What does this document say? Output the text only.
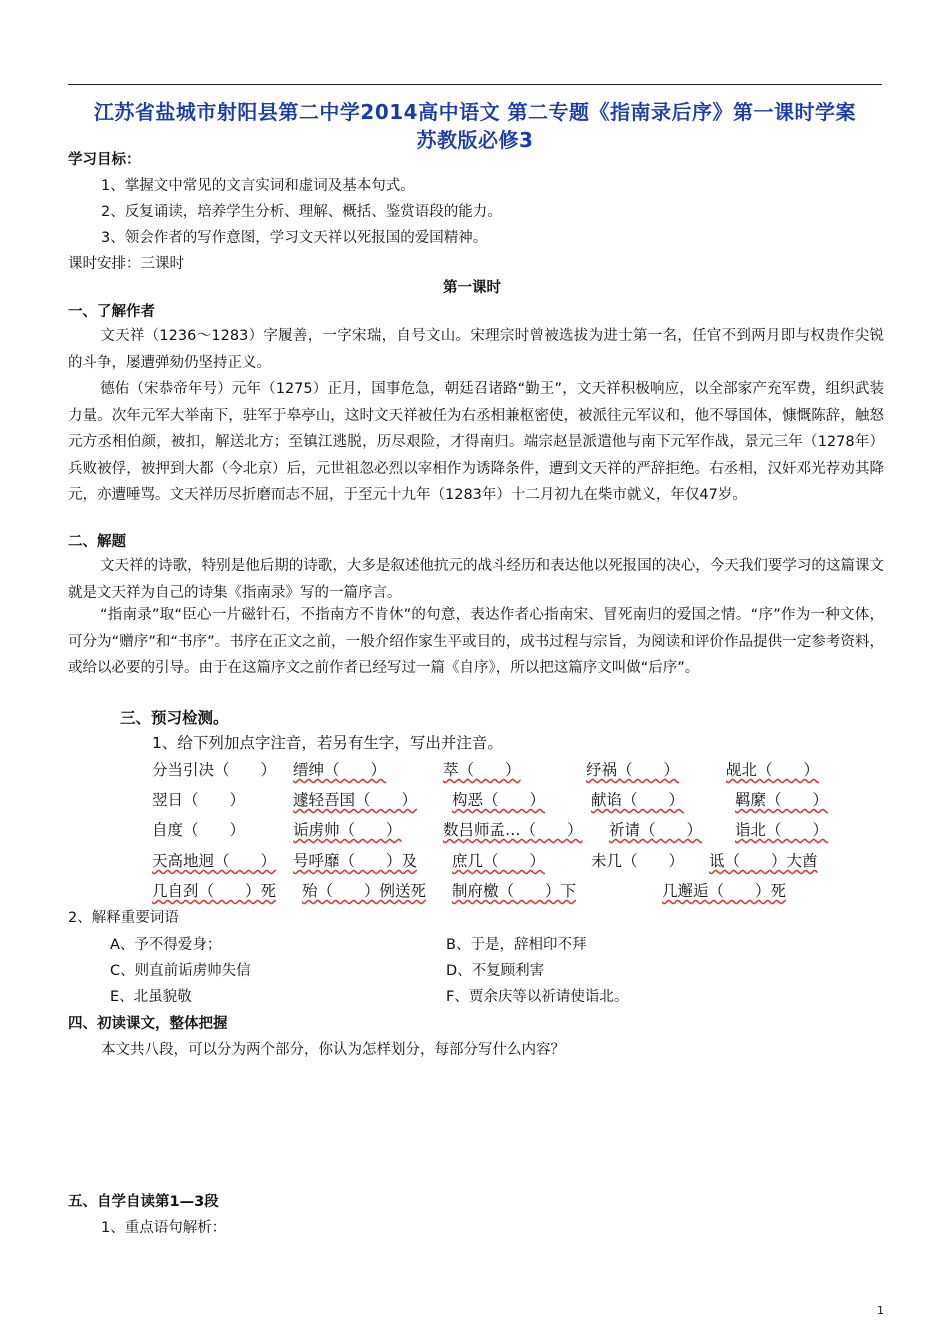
江苏省盐城市射阳县第二中学2014高中语文 第二专题《指南录后序》第一课时学案
苏教版必修3
学习目标：
1、掌握文中常见的文言实词和虚词及基本句式。
2、反复诵读，培养学生分析、理解、概括、鉴赏语段的能力。
3、领会作者的写作意图，学习文天祥以死报国的爱国精神。
课时安排：三课时
第一课时
一、了解作者
文天祥（1236～1283）字履善，一字宋瑞，自号文山。宋理宗时曾被选拔为进士第一名，任官不到两月即与权贵作尖锐的斗争，屡遭弹劾仍坚持正义。
德佑（宋恭帝年号）元年（1275）正月，国事危急，朝廷召诸路“勤王”，文天祥积极响应，以全部家产充军费，组织武装力量。次年元军大举南下，驻军于皋亭山，这时文天祥被任为右丞相兼枢密使，被派往元军议和，他不辱国体，慷慨陈辞，触怒元方丞相伯颜，被扣，解送北方；至镇江逃脱，历尽艰险，才得南归。端宗赵昰派遣他与南下元军作战，景元三年（1278年）兵败被俘，被押到大都（今北京）后，元世祖忽必烈以宰相作为诱降条件，遭到文天祥的严辞拒绝。右丞相，汉奸邓光荐劝其降元，亦遭唾骂。文天祥历尽折磨而志不屈，于至元十九年（1283年）十二月初九在柴市就义，年仅47岁。
二、解题
文天祥的诗歌，特别是他后期的诗歌，大多是叙述他抗元的战斗经历和表达他以死报国的决心，今天我们要学习的这篇课文就是文天祥为自己的诗集《指南录》写的一篇序言。
“指南录”取“臣心一片磁针石，不指南方不肯休”的句意，表达作者心指南宋、冒死南归的爱国之情。“序”作为一种文体，可分为“赠序”和“书序”。书序在正文之前，一般介绍作家生平或目的，成书过程与宗旨，为阅读和评价作品提供一定参考资料，或给以必要的引导。由于在这篇序文之前作者已经写过一篇《自序》，所以把这篇序文叫做“后序”。
三、预习检测。
1、给下列加点字注音，若另有生字，写出并注音。
分当引决（　　） 缙绅（　　）	萃（　　）	纾祸（　　）	觇北（　　）
翌日（　　）	遽轻吾国（　　） 构恶（　　）	献谄（　　）	羁縻（　　）
自度（　　）	诟虏帅（　　）	数吕师孟…（　　） 祈请（　　） 诣北（　　）
天高地迥（　　） 号呼靡（　　）及 庶几（　　）	未几（　　） 诋（　　）大酋
几自刭（　　）死 殆（　　）例送死 制府檄（　　）下	几邂逅（　　）死
2、解释重要词语
A、予不得爱身；	B、于是，辞相印不拜
C、则直前诟虏帅失信	D、不复顾利害
E、北虽貌敬	F、贾余庆等以祈请使诣北。
四、初读课文，整体把握
本文共八段，可以分为两个部分，你认为怎样划分，每部分写什么内容？
五、自学自读第1—3段
1、重点语句解析：
1
